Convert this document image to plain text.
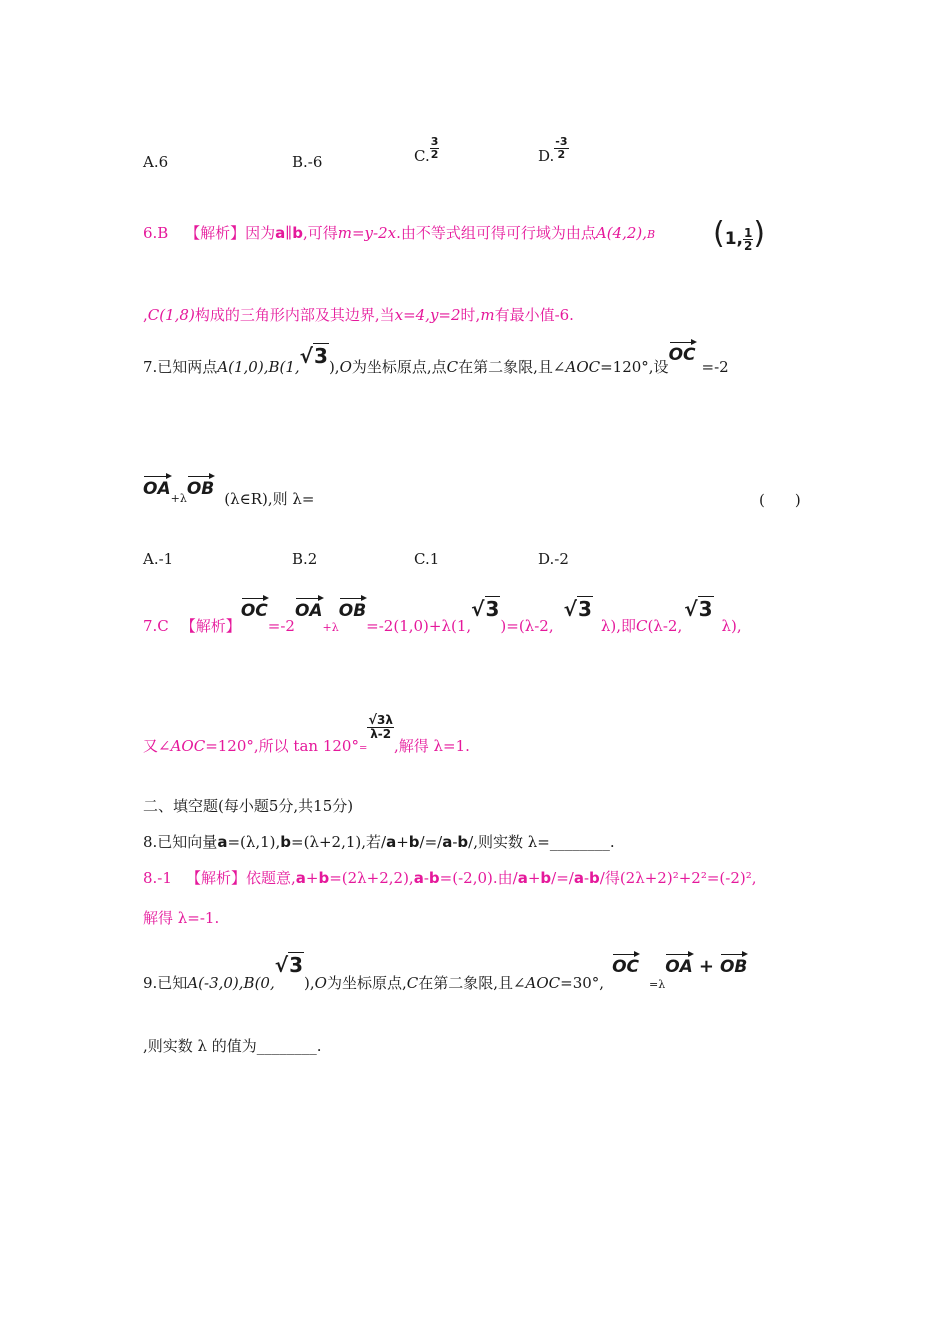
A.6	B.-6	C. $\frac{3}{2}$	D. $\frac{-3}{2}$
6.B 【解析】因为a∥b,可得m=y-2x.由不等式组可得可行域为由点A(4,2),B (1, $\frac{1}{2}$ )
,C(1,8)构成的三角形内部及其边界,当x=4,y=2时,m有最小值-6.
7.已知两点A(1,0),B(1,√3),O为坐标原点,点C在第二象限,且∠AOC=120°,设OC=-2
$OA_{+\lambda}OB$ (λ∈R),则 λ=	(　　)
A.-1	B.2	C.1	D.-2
7.C 【解析】$OC=-2OA_{+\lambda}OB=-2(1,0)+\lambda(1,√3)=(\lambda-2,√3\lambda)$,即C(λ-2,√3λ),
又∠AOC=120°,所以 $\tan 120^\circ_=$
$\frac{√3\lambda}{\lambda-2}$
,解得 λ=1.
二、填空题(每小题5分,共15分)
8.已知向量a=(λ,1),b=(λ+2,1),若/a+b/=/a-b/,则实数 λ=________.
8.-1 【解析】依题意,a+b=(2λ+2,2),a-b=(-2,0).由/a+b/=/a-b/得(2λ+2)²+2²=(-2)²,
解得 λ=-1.
9.已知A(-3,0),B(0,√3),O为坐标原点,C在第二象限,且$\angle AOC=30^\circ,OC_{=\lambda}OA$ + OB
,则实数 λ 的值为________.
